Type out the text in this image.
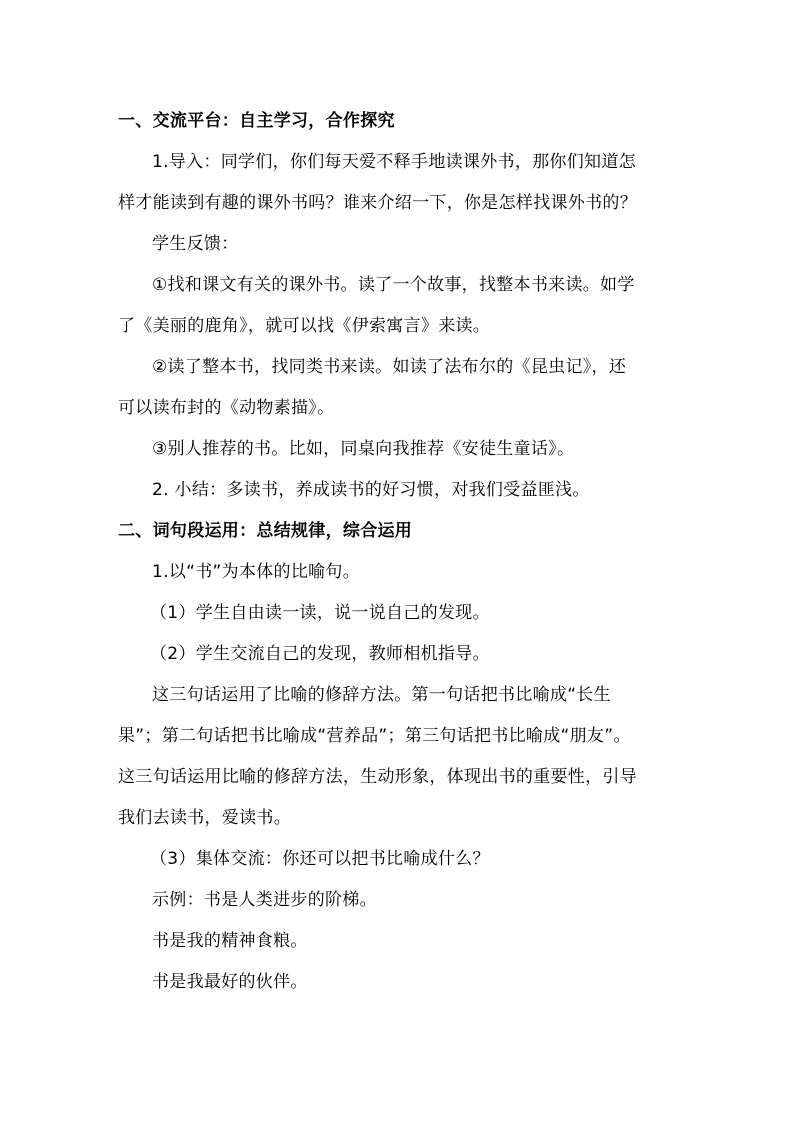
一、交流平台：自主学习，合作探究
1.导入：同学们，你们每天爱不释手地读课外书，那你们知道怎
样才能读到有趣的课外书吗？谁来介绍一下，你是怎样找课外书的？
学生反馈：
①找和课文有关的课外书。读了一个故事，找整本书来读。如学
了《美丽的鹿角》，就可以找《伊索寓言》来读。
②读了整本书，找同类书来读。如读了法布尔的《昆虫记》，还
可以读布封的《动物素描》。
③别人推荐的书。比如，同桌向我推荐《安徒生童话》。
2. 小结：多读书，养成读书的好习惯，对我们受益匪浅。
二、词句段运用：总结规律，综合运用
1.以“书”为本体的比喻句。
（1）学生自由读一读，说一说自己的发现。
（2）学生交流自己的发现，教师相机指导。
这三句话运用了比喻的修辞方法。第一句话把书比喻成“长生
果”；第二句话把书比喻成“营养品”；第三句话把书比喻成“朋友”。
这三句话运用比喻的修辞方法，生动形象，体现出书的重要性，引导
我们去读书，爱读书。
（3）集体交流：你还可以把书比喻成什么？
示例：书是人类进步的阶梯。
书是我的精神食粮。
书是我最好的伙伴。
